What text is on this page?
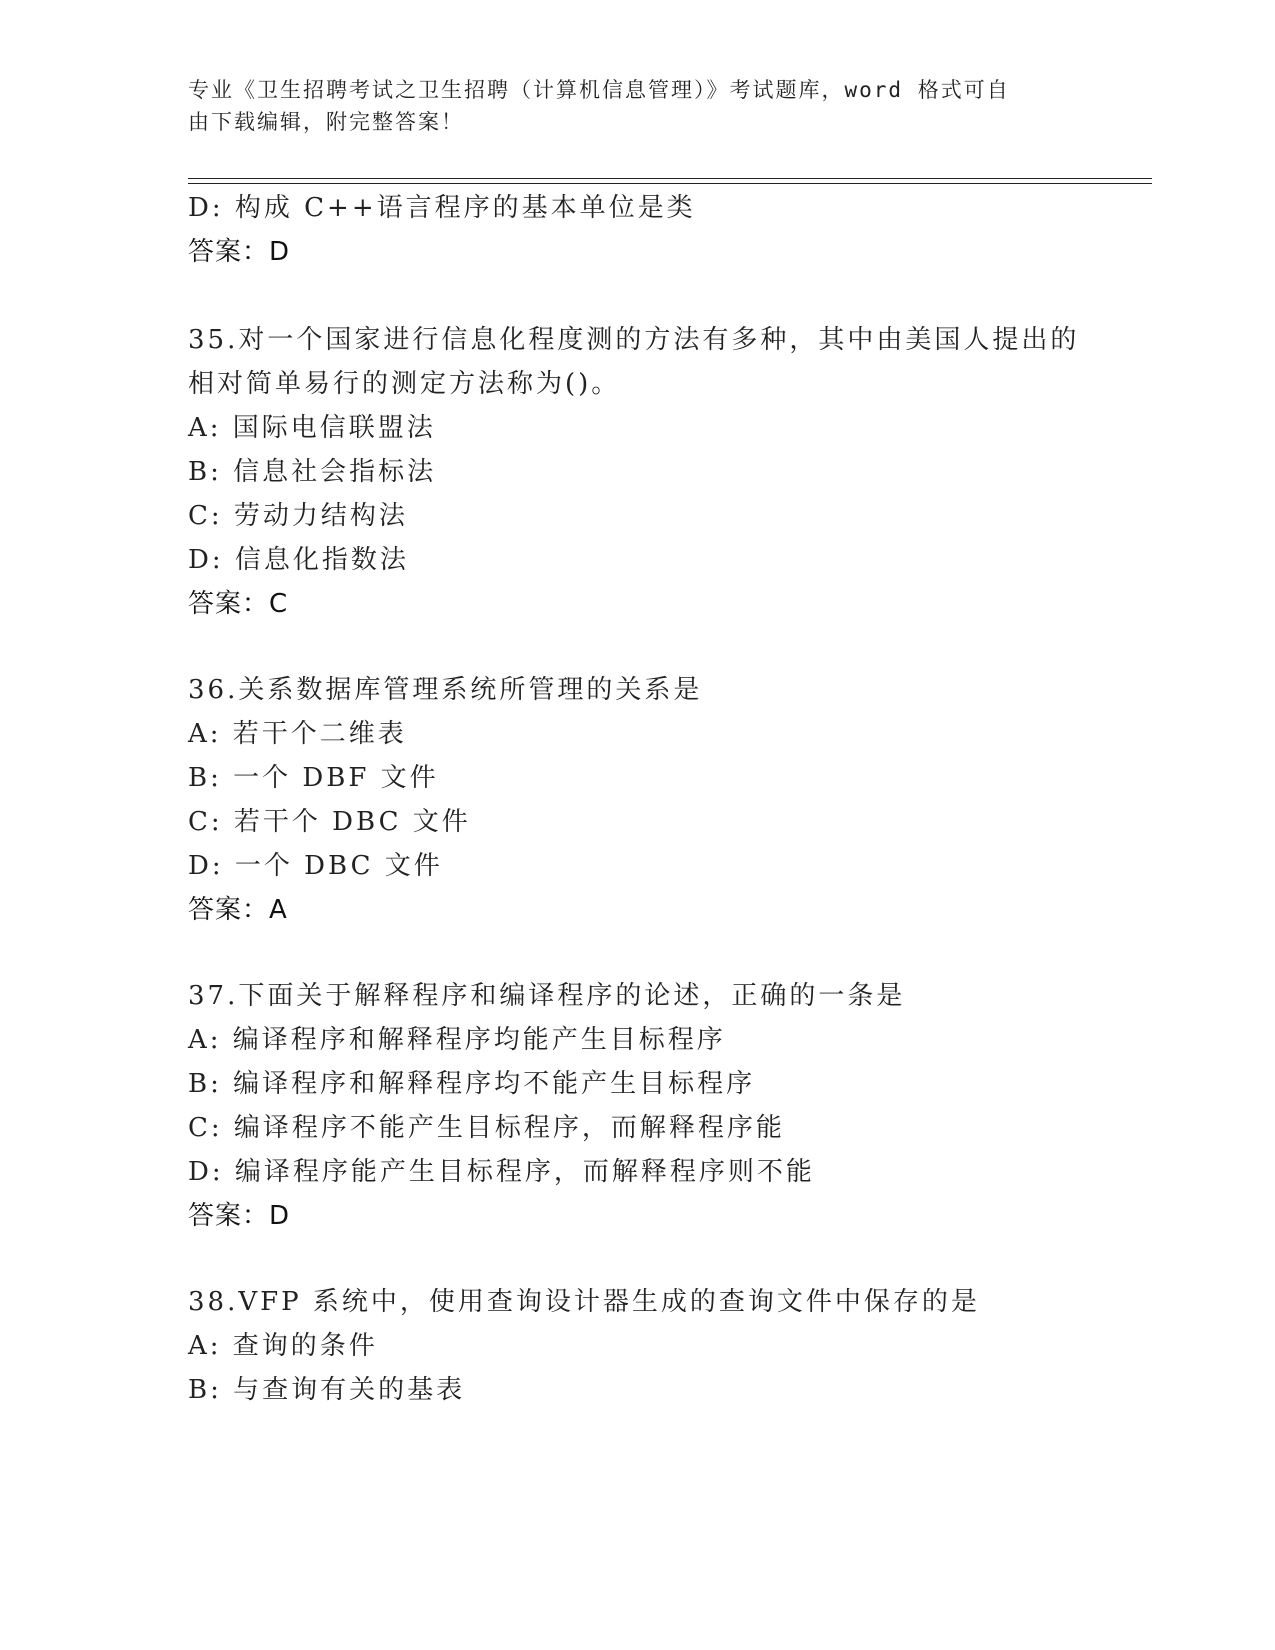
专业《卫生招聘考试之卫生招聘（计算机信息管理）》考试题库，word 格式可自
由下载编辑，附完整答案！
D: 构成 C++语言程序的基本单位是类
答案：D
35.对一个国家进行信息化程度测的方法有多种，其中由美国人提出的
相对简单易行的测定方法称为()。
A: 国际电信联盟法
B: 信息社会指标法
C: 劳动力结构法
D: 信息化指数法
答案：C
36.关系数据库管理系统所管理的关系是
A: 若干个二维表
B: 一个 DBF 文件
C: 若干个 DBC 文件
D: 一个 DBC 文件
答案：A
37.下面关于解释程序和编译程序的论述，正确的一条是
A: 编译程序和解释程序均能产生目标程序
B: 编译程序和解释程序均不能产生目标程序
C: 编译程序不能产生目标程序，而解释程序能
D: 编译程序能产生目标程序，而解释程序则不能
答案：D
38.VFP 系统中，使用查询设计器生成的查询文件中保存的是
A: 查询的条件
B: 与查询有关的基表
